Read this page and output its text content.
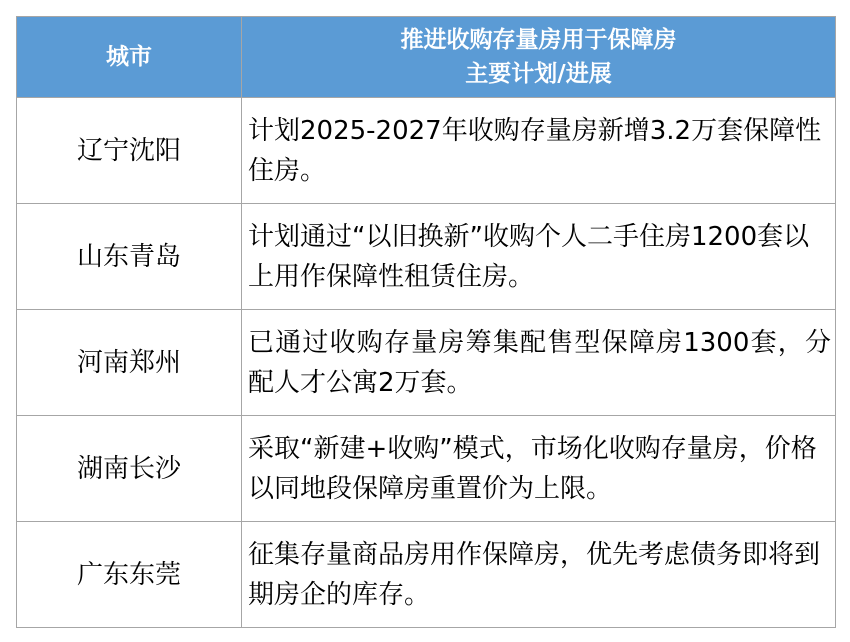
城市	推进收购存量房用于保障房
主要计划/进展

辽宁沈阳	计划2025-2027年收购存量房新增3.2万套保障性住房。
山东青岛	计划通过“以旧换新”收购个人二手住房1200套以上用作保障性租赁住房。
河南郑州	已通过收购存量房筹集配售型保障房1300套，分配人才公寓2万套。
湖南长沙	采取“新建+收购”模式，市场化收购存量房，价格以同地段保障房重置价为上限。
广东东莞	征集存量商品房用作保障房，优先考虑债务即将到期房企的库存。
